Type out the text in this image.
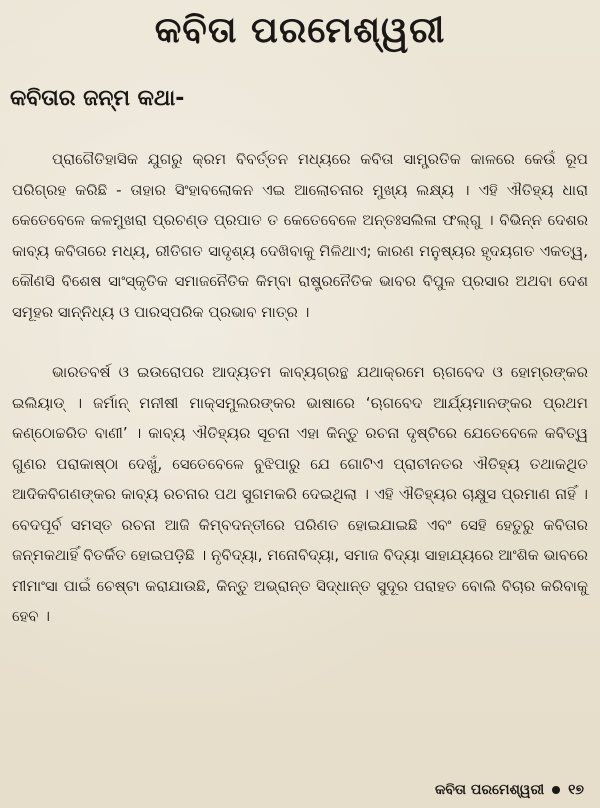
କବିତା ପରମେଶ୍ୱରୀ
କବିତାର ଜନ୍ମ କଥା-

ପ୍ରାଗୈତିହାସିକ ଯୁଗରୁ କ୍ରମ ବିବର୍ତ୍ତନ ମଧ୍ୟରେ କବିତା ସାମ୍ପ୍ରତିକ କାଳରେ କେଉଁ ରୂପ ପରିଗ୍ରହ କରିଛି - ତାହାର ସିଂହାବଲୋକନ ଏଇ ଆଲୋଚନାର ମୁଖ୍ୟ ଲକ୍ଷ୍ୟ । ଏହି ଐତିହ୍ୟ ଧାରା କେତେବେଳେ କଳମୁଖରା ପ୍ରଚଣ୍ଡ ପ୍ରପାତ ତ କେତେବେଳେ ଅନ୍ତଃସଲିଳା ଫଲ୍ଗୁ । ବିଭିନ୍ନ ଦେଶର କାବ୍ୟ କବିତାରେ ମଧ୍ୟ, ରୀତିଗତ ସାଦୃଶ୍ୟ ଦେଖିବାକୁ ମିଳିଥାଏ; କାରଣ ମନୁଷ୍ୟର ହୃଦୟଗତ ଏକତ୍ୱ, କୌଣସି ବିଶେଷ ସାଂସ୍କୃତିକ ସମାଜନୈତିକ କିମ୍ବା ରାଷ୍ଟ୍ରନୈତିକ ଭାବର ବିପୁଳ ପ୍ରସାର ଅଥବା ଦେଶ ସମୂହର ସାନ୍ନିଧ୍ୟ ଓ ପାରସ୍ପରିକ ପ୍ରଭାବ ମାତ୍ର ।

ଭାରତବର୍ଷ ଓ ଇଉରୋପର ଆଦ୍ୟତମ କାବ୍ୟଗ୍ରନ୍ଥ ଯଥାକ୍ରମେ ଋଗବେଦ ଓ ହୋମ୍‌ରଙ୍କର ଇଲିୟାଡ୍ । ଜର୍ମାନ୍ ମନୀଷୀ ମାକ୍ସମୁଲରଙ୍କର ଭାଷାରେ ‘ଋଗବେଦ ଆର୍ଯ୍ୟମାନଙ୍କର ପ୍ରଥମ କଣ୍ଠୋଚ୍ଚରିତ ବାଣୀ’ । କାବ୍ୟ ଐତିହ୍ୟର ସୂଚନା ଏହା କିନ୍ତୁ ରଚନା ଦୃଷ୍ଟିରେ ଯେତେବେଳେ କବିତ୍ୱ ଗୁଣର ପରାକାଷ୍ଠା ଦେଖୁଁ, ସେତେବେଳେ ବୁଝିପାରୁ ଯେ ଗୋଟିଏ ପ୍ରାଚୀନତର ଐତିହ୍ୟ ତଥାକଥିତ ଆଦିକବିଗଣଙ୍କର କାବ୍ୟ ରଚନାର ପଥ ସୁଗମକରି ଦେଇଥିଲା । ଏହି ଐତିହ୍ୟର ଚାକ୍ଷୁସ ପ୍ରମାଣ ନାହିଁ । ବେଦପୂର୍ବ ସମସ୍ତ ରଚନା ଆଜି କିମ୍ବଦନ୍ତୀରେ ପରିଣତ ହୋଇଯାଇଛି ଏବଂ ସେହି ହେତୁରୁ କବିତାର ଜନ୍ମକଥାହିଁ ବିତର୍କିତ ହୋଇପଡ଼ିଛି । ନୃବିଦ୍ୟା, ମନୋବିଦ୍ୟା, ସମାଜ ବିଦ୍ୟା ସାହାଯ୍ୟରେ ଆଂଶିକ ଭାବରେ ମୀମାଂସା ପାଇଁ ଚେଷ୍ଟା କରାଯାଉଛି, କିନ୍ତୁ ଅଭ୍ରାନ୍ତ ସିଦ୍ଧାନ୍ତ ସୁଦୂର ପରାହତ ବୋଲି ବିଚାର କରିବାକୁ ହେବ ।

କବିତା ପରମେଶ୍ୱରୀ ୧୭
